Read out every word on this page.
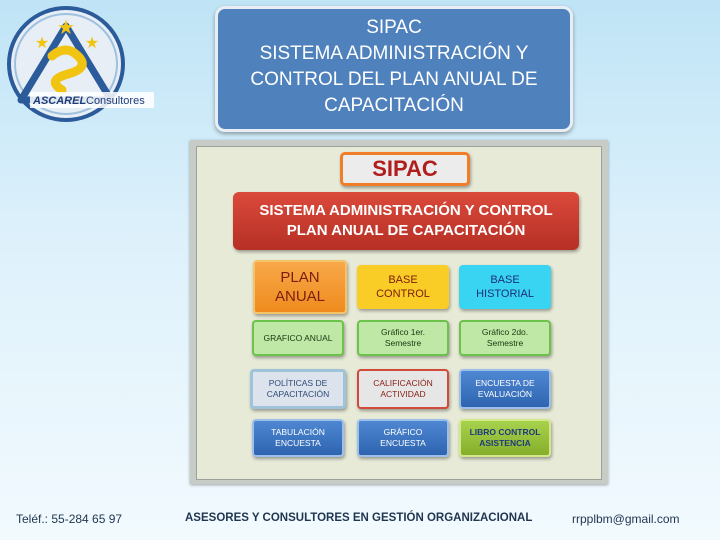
★
★ ★
ASCAREL Consultores
SIPAC
SISTEMA ADMINISTRACIÓN Y
CONTROL DEL PLAN ANUAL DE
CAPACITACIÓN
SIPAC
SISTEMA ADMINISTRACIÓN Y CONTROL
PLAN ANUAL DE CAPACITACIÓN
PLAN
ANUAL
BASE
CONTROL
BASE
HISTORIAL
GRAFICO ANUAL
Gráfico 1er.
Semestre
Gráfico 2do.
Semestre
POLÍTICAS DE
CAPACITACIÓN
CALIFICACIÓN
ACTIVIDAD
ENCUESTA DE
EVALUACIÓN
TABULACIÓN
ENCUESTA
GRÁFICO
ENCUESTA
LIBRO CONTROL
ASISTENCIA
Teléf.: 55-284 65 97	ASESORES Y CONSULTORES EN GESTIÓN ORGANIZACIONAL	rrpplbm@gmail.com
